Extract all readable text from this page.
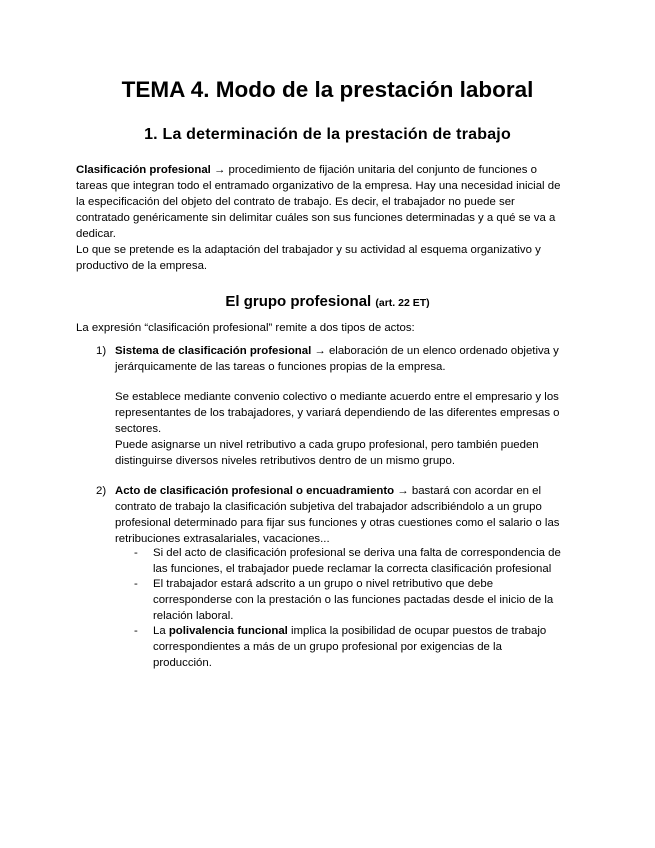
TEMA 4. Modo de la prestación laboral
1. La determinación de la prestación de trabajo
Clasificación profesional → procedimiento de fijación unitaria del conjunto de funciones o
tareas que integran todo el entramado organizativo de la empresa. Hay una necesidad inicial de
la especificación del objeto del contrato de trabajo. Es decir, el trabajador no puede ser
contratado genéricamente sin delimitar cuáles son sus funciones determinadas y a qué se va a
dedicar.
Lo que se pretende es la adaptación del trabajador y su actividad al esquema organizativo y
productivo de la empresa.
El grupo profesional (art. 22 ET)
La expresión “clasificación profesional” remite a dos tipos de actos:
1) Sistema de clasificación profesional → elaboración de un elenco ordenado objetiva y
jerárquicamente de las tareas o funciones propias de la empresa.
Se establece mediante convenio colectivo o mediante acuerdo entre el empresario y los
representantes de los trabajadores, y variará dependiendo de las diferentes empresas o
sectores.
Puede asignarse un nivel retributivo a cada grupo profesional, pero también pueden
distinguirse diversos niveles retributivos dentro de un mismo grupo.
2) Acto de clasificación profesional o encuadramiento → bastará con acordar en el
contrato de trabajo la clasificación subjetiva del trabajador adscribiéndolo a un grupo
profesional determinado para fijar sus funciones y otras cuestiones como el salario o las
retribuciones extrasalariales, vacaciones...
- Si del acto de clasificación profesional se deriva una falta de correspondencia de
las funciones, el trabajador puede reclamar la correcta clasificación profesional
- El trabajador estará adscrito a un grupo o nivel retributivo que debe
corresponderse con la prestación o las funciones pactadas desde el inicio de la
relación laboral.
- La polivalencia funcional implica la posibilidad de ocupar puestos de trabajo
correspondientes a más de un grupo profesional por exigencias de la
producción.
